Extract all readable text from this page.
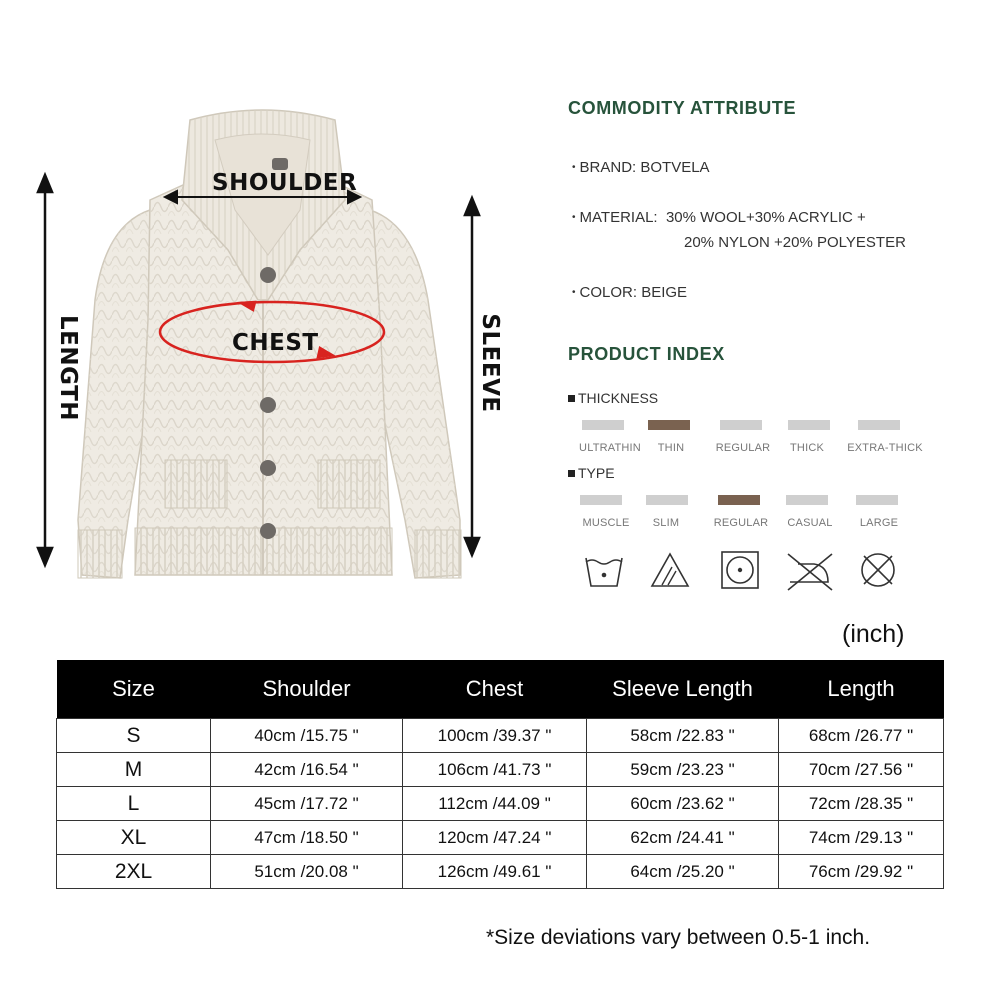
SHOULDER
CHEST
LENGTH	SLEEVE
COMMODITY ATTRIBUTE
• BRAND: BOTVELA
• MATERIAL: 30% WOOL+30% ACRYLIC +
20% NYLON +20% POLYESTER
• COLOR: BEIGE
PRODUCT INDEX
THICKNESS
ULTRATHIN	THIN	REGULAR	THICK	EXTRA-THICK
TYPE
MUSCLE	SLIM	REGULAR	CASUAL	LARGE
(inch)
Size	Shoulder	Chest	Sleeve Length	Length
S	40cm /15.75 "	100cm /39.37 "	58cm /22.83 "	68cm /26.77 "
M	42cm /16.54 "	106cm /41.73 "	59cm /23.23 "	70cm /27.56 "
L	45cm /17.72 "	112cm /44.09 "	60cm /23.62 "	72cm /28.35 "
XL	47cm /18.50 "	120cm /47.24 "	62cm /24.41 "	74cm /29.13 "
2XL	51cm /20.08 "	126cm /49.61 "	64cm /25.20 "	76cm /29.92 "
*Size deviations vary between 0.5-1 inch.
